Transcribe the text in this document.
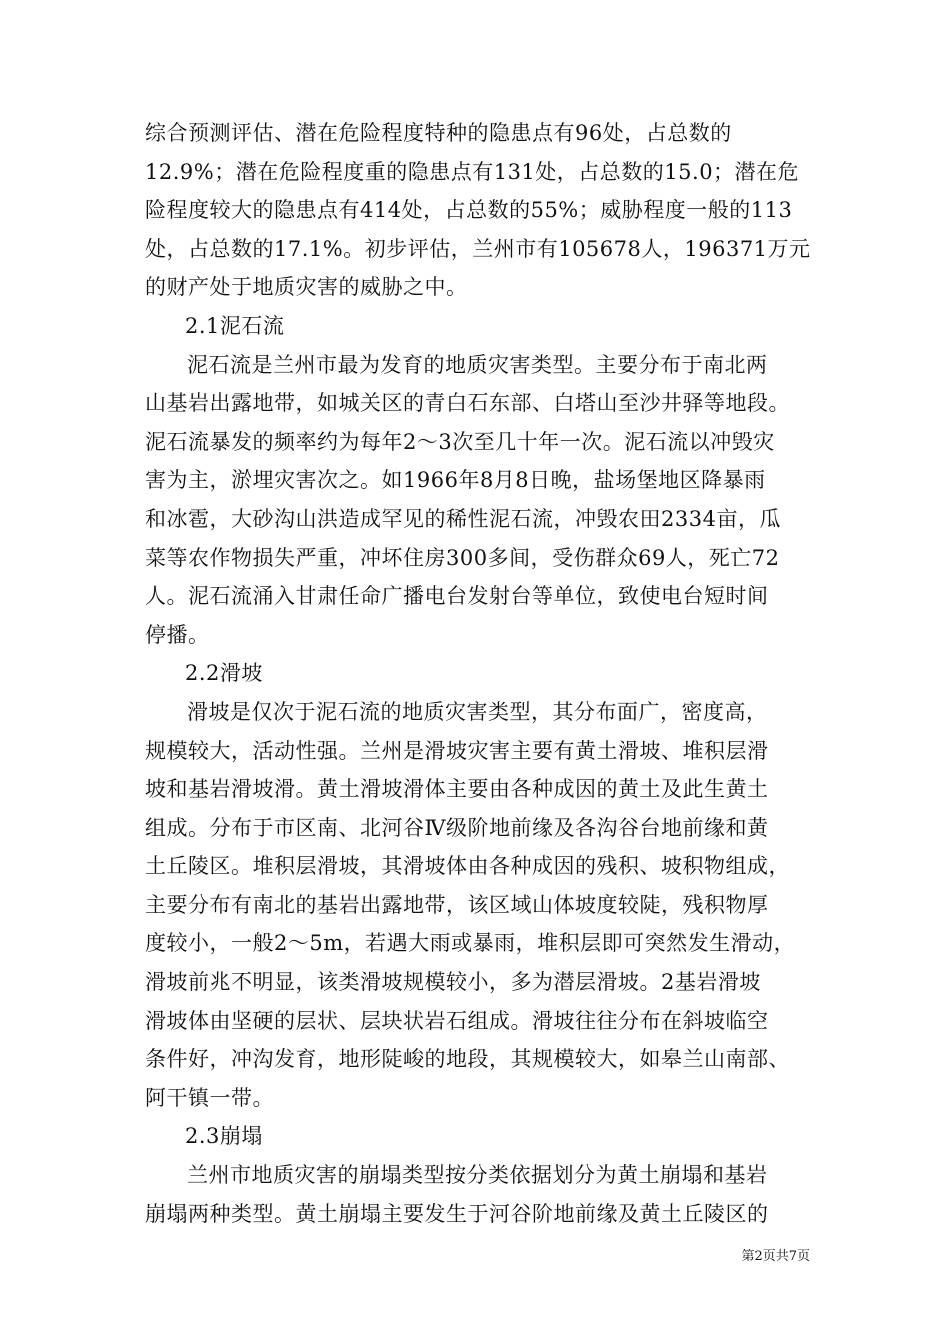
综合预测评估、潜在危险程度特种的隐患点有96处，占总数的
12.9%；潜在危险程度重的隐患点有131处，占总数的15.0；潜在危
险程度较大的隐患点有414处，占总数的55%；威胁程度一般的113
处，占总数的17.1%。初步评估，兰州市有105678人，196371万元
的财产处于地质灾害的威胁之中。
2.1泥石流
泥石流是兰州市最为发育的地质灾害类型。主要分布于南北两
山基岩出露地带，如城关区的青白石东部、白塔山至沙井驿等地段。
泥石流暴发的频率约为每年2～3次至几十年一次。泥石流以冲毁灾
害为主，淤埋灾害次之。如1966年8月8日晚，盐场堡地区降暴雨
和冰雹，大砂沟山洪造成罕见的稀性泥石流，冲毁农田2334亩，瓜
菜等农作物损失严重，冲坏住房300多间，受伤群众69人，死亡72
人。泥石流涌入甘肃任命广播电台发射台等单位，致使电台短时间
停播。
2.2滑坡
滑坡是仅次于泥石流的地质灾害类型，其分布面广，密度高，
规模较大，活动性强。兰州是滑坡灾害主要有黄土滑坡、堆积层滑
坡和基岩滑坡滑。黄土滑坡滑体主要由各种成因的黄土及此生黄土
组成。分布于市区南、北河谷Ⅳ级阶地前缘及各沟谷台地前缘和黄
土丘陵区。堆积层滑坡，其滑坡体由各种成因的残积、坡积物组成，
主要分布有南北的基岩出露地带，该区域山体坡度较陡，残积物厚
度较小，一般2～5m，若遇大雨或暴雨，堆积层即可突然发生滑动，
滑坡前兆不明显，该类滑坡规模较小，多为潜层滑坡。2基岩滑坡
滑坡体由坚硬的层状、层块状岩石组成。滑坡往往分布在斜坡临空
条件好，冲沟发育，地形陡峻的地段，其规模较大，如皋兰山南部、
阿干镇一带。
2.3崩塌
兰州市地质灾害的崩塌类型按分类依据划分为黄土崩塌和基岩
崩塌两种类型。黄土崩塌主要发生于河谷阶地前缘及黄土丘陵区的
第2页共7页
